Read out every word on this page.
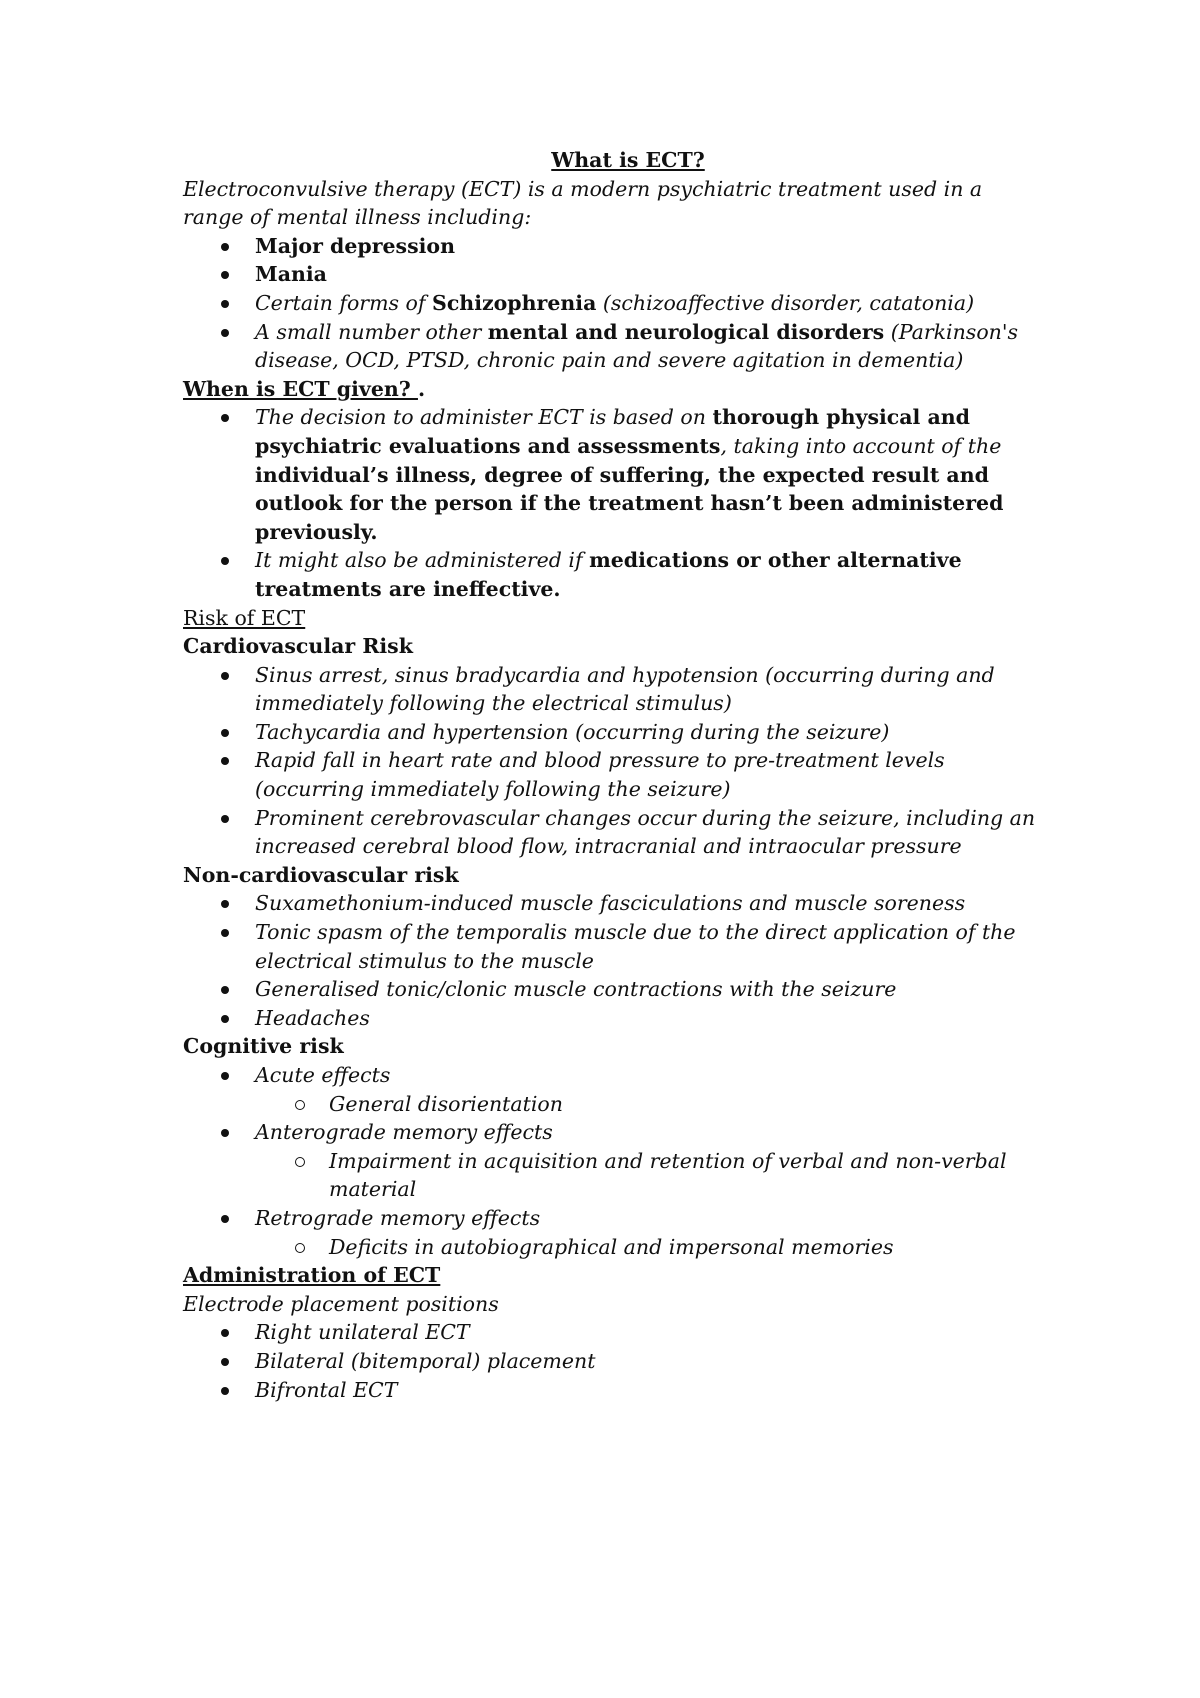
What is ECT?

Electroconvulsive therapy (ECT) is a modern psychiatric treatment used in a range of mental illness including:

Major depression
Mania
Certain forms of Schizophrenia (schizoaffective disorder, catatonia)
A small number other mental and neurological disorders (Parkinson's disease, OCD, PTSD, chronic pain and severe agitation in dementia)

When is ECT given? .

The decision to administer ECT is based on thorough physical and psychiatric evaluations and assessments, taking into account of the individual’s illness, degree of suffering, the expected result and outlook for the person if the treatment hasn’t been administered previously.
It might also be administered if medications or other alternative treatments are ineffective.

Risk of ECT

Cardiovascular Risk

Sinus arrest, sinus bradycardia and hypotension (occurring during and immediately following the electrical stimulus)
Tachycardia and hypertension (occurring during the seizure)
Rapid fall in heart rate and blood pressure to pre-treatment levels (occurring immediately following the seizure)
Prominent cerebrovascular changes occur during the seizure, including an increased cerebral blood flow, intracranial and intraocular pressure

Non-cardiovascular risk

Suxamethonium-induced muscle fasciculations and muscle soreness
Tonic spasm of the temporalis muscle due to the direct application of the electrical stimulus to the muscle
Generalised tonic/clonic muscle contractions with the seizure
Headaches

Cognitive risk

Acute effects
General disorientation
Anterograde memory effects
Impairment in acquisition and retention of verbal and non-verbal material
Retrograde memory effects
Deficits in autobiographical and impersonal memories

Administration of ECT

Electrode placement positions

Right unilateral ECT
Bilateral (bitemporal) placement
Bifrontal ECT
